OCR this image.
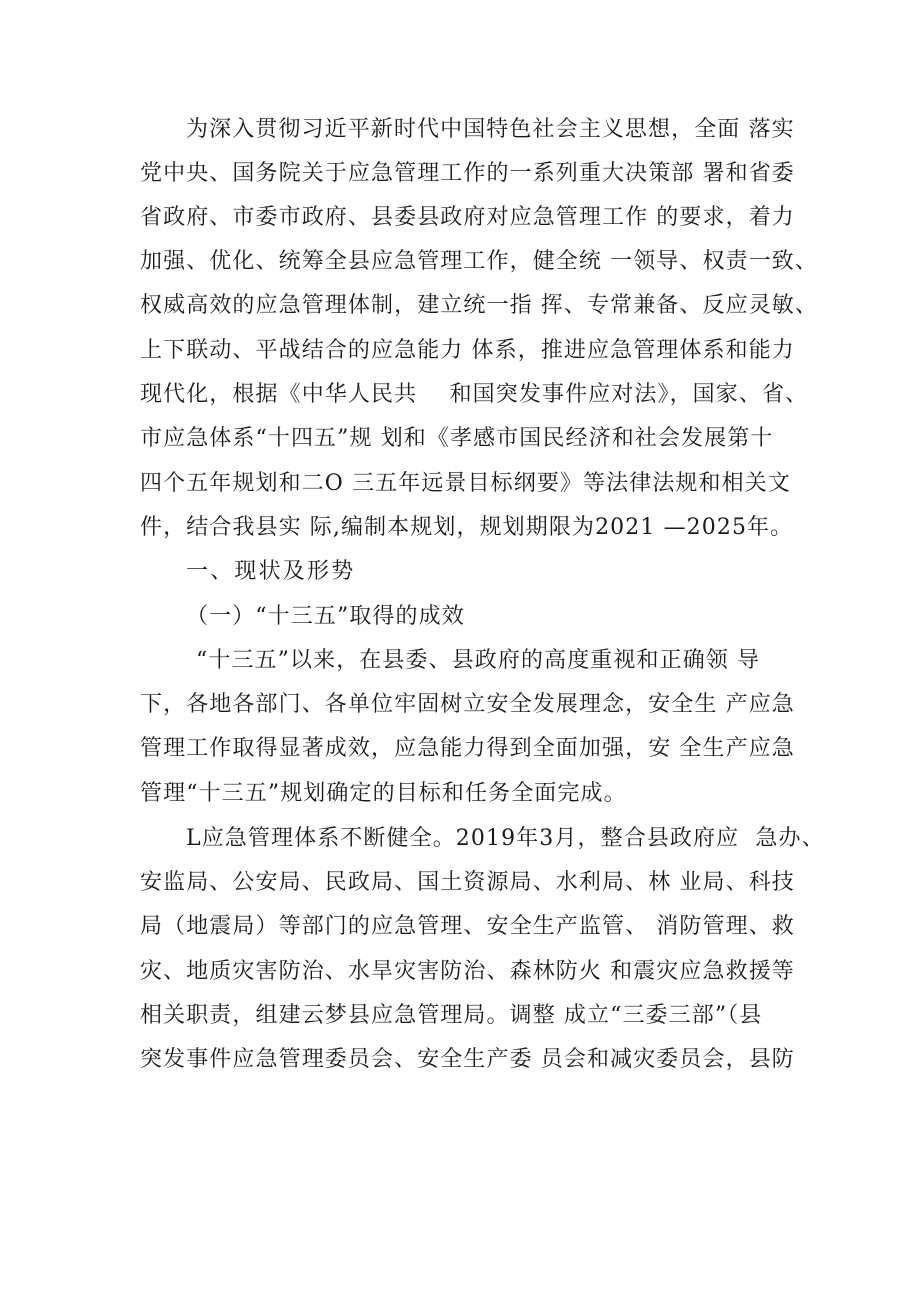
为深入贯彻习近平新时代中国特色社会主义思想，全面 落实
党中央、国务院关于应急管理工作的一系列重大决策部 署和省委
省政府、市委市政府、县委县政府对应急管理工作 的要求，着力
加强、优化、统筹全县应急管理工作，健全统 一领导、权责一致、
权威高效的应急管理体制，建立统一指 挥、专常兼备、反应灵敏、
上下联动、平战结合的应急能力 体系，推进应急管理体系和能力
现代化，根据《中华人民共    和国突发事件应对法》，国家、省、
市应急体系“十四五”规 划和《孝感市国民经济和社会发展第十
四个五年规划和二O 三五年远景目标纲要》等法律法规和相关文
件，结合我县实 际,编制本规划，规划期限为2021 —2025年。
一、现状及形势
（一）“十三五”取得的成效
“十三五”以来，在县委、县政府的高度重视和正确领 导
下，各地各部门、各单位牢固树立安全发展理念，安全生 产应急
管理工作取得显著成效，应急能力得到全面加强，安 全生产应急
管理“十三五”规划确定的目标和任务全面完成。
L应急管理体系不断健全。2019年3月，整合县政府应  急办、
安监局、公安局、民政局、国土资源局、水利局、林 业局、科技
局（地震局）等部门的应急管理、安全生产监管、 消防管理、救
灾、地质灾害防治、水旱灾害防治、森林防火 和震灾应急救援等
相关职责，组建云梦县应急管理局。调整 成立“三委三部”（县
突发事件应急管理委员会、安全生产委 员会和减灾委员会，县防
